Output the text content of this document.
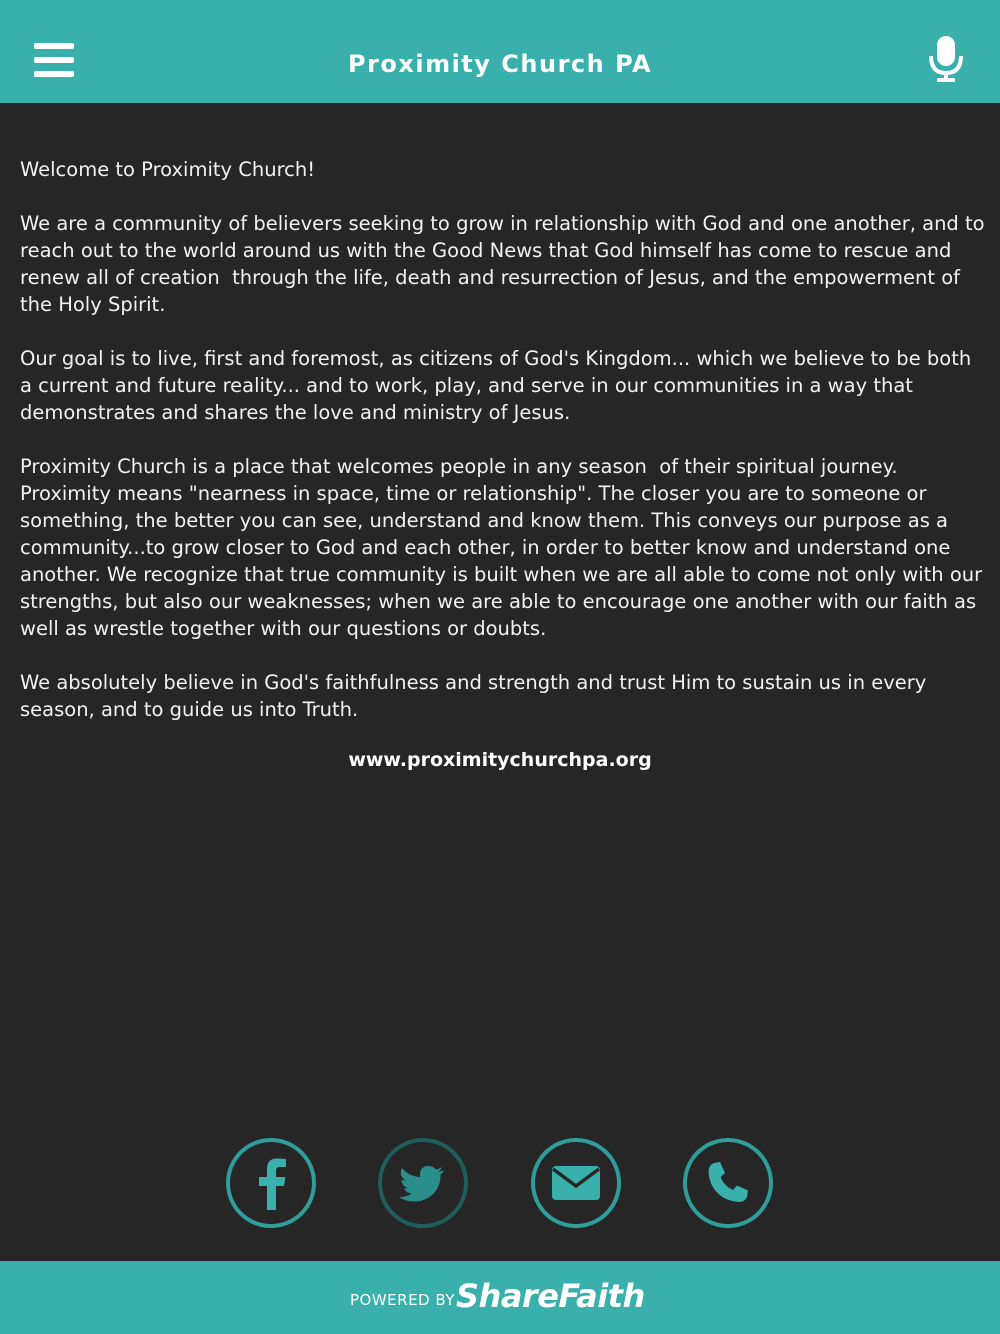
Proximity Church PA

Welcome to Proximity Church!

We are a community of believers seeking to grow in relationship with God and one another, and to reach out to the world around us with the Good News that God himself has come to rescue and renew all of creation  through the life, death and resurrection of Jesus, and the empowerment of the Holy Spirit.

Our goal is to live, first and foremost, as citizens of God's Kingdom... which we believe to be both a current and future reality... and to work, play, and serve in our communities in a way that demonstrates and shares the love and ministry of Jesus.

Proximity Church is a place that welcomes people in any season  of their spiritual journey. Proximity means "nearness in space, time or relationship". The closer you are to someone or something, the better you can see, understand and know them. This conveys our purpose as a community...to grow closer to God and each other, in order to better know and understand one another. We recognize that true community is built when we are all able to come not only with our strengths, but also our weaknesses; when we are able to encourage one another with our faith as well as wrestle together with our questions or doubts.

We absolutely believe in God's faithfulness and strength and trust Him to sustain us in every season, and to guide us into Truth.

www.proximitychurchpa.org
POWERED BY ShareFaith
